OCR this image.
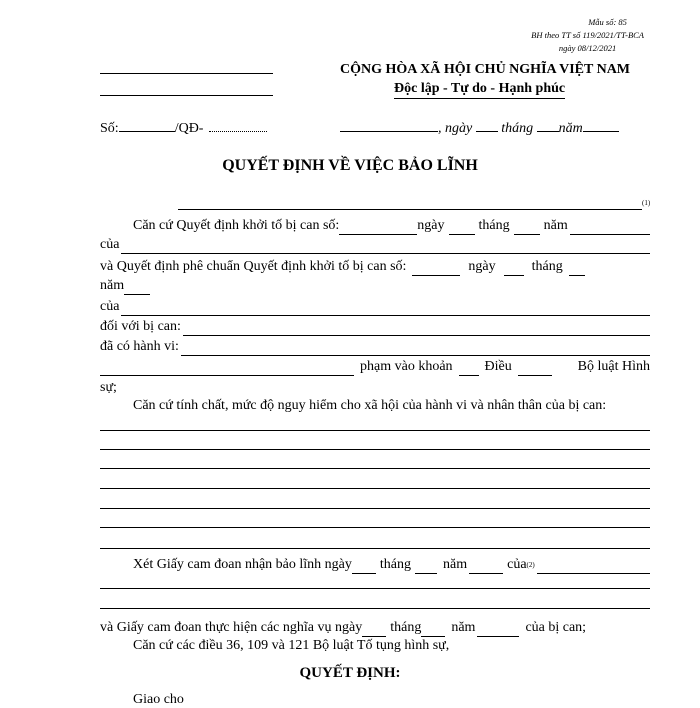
Mẫu số: 85
BH theo TT số 119/2021/TT-BCA
ngày 08/12/2021
CỘNG HÒA XÃ HỘI CHỦ NGHĨA VIỆT NAM
Độc lập - Tự do - Hạnh phúc
Số:	/QĐ-	, ngày tháng năm
QUYẾT ĐỊNH VỀ VIỆC BẢO LĨNH
(1)
Căn cứ Quyết định khởi tố bị can số:	ngày tháng năm
của
và Quyết định phê chuẩn Quyết định khởi tố bị can số:	ngày	tháng
năm
của
đối với bị can:
đã có hành vi:
phạm vào khoản Điều	Bộ luật Hình
sự;
Căn cứ tính chất, mức độ nguy hiểm cho xã hội của hành vi và nhân thân của bị can:
Xét Giấy cam đoan nhận bảo lĩnh ngày tháng năm	của (2)
và Giấy cam đoan thực hiện các nghĩa vụ ngày tháng năm	của bị can;
Căn cứ các điều 36, 109 và 121 Bộ luật Tố tụng hình sự,
QUYẾT ĐỊNH:
Giao cho
